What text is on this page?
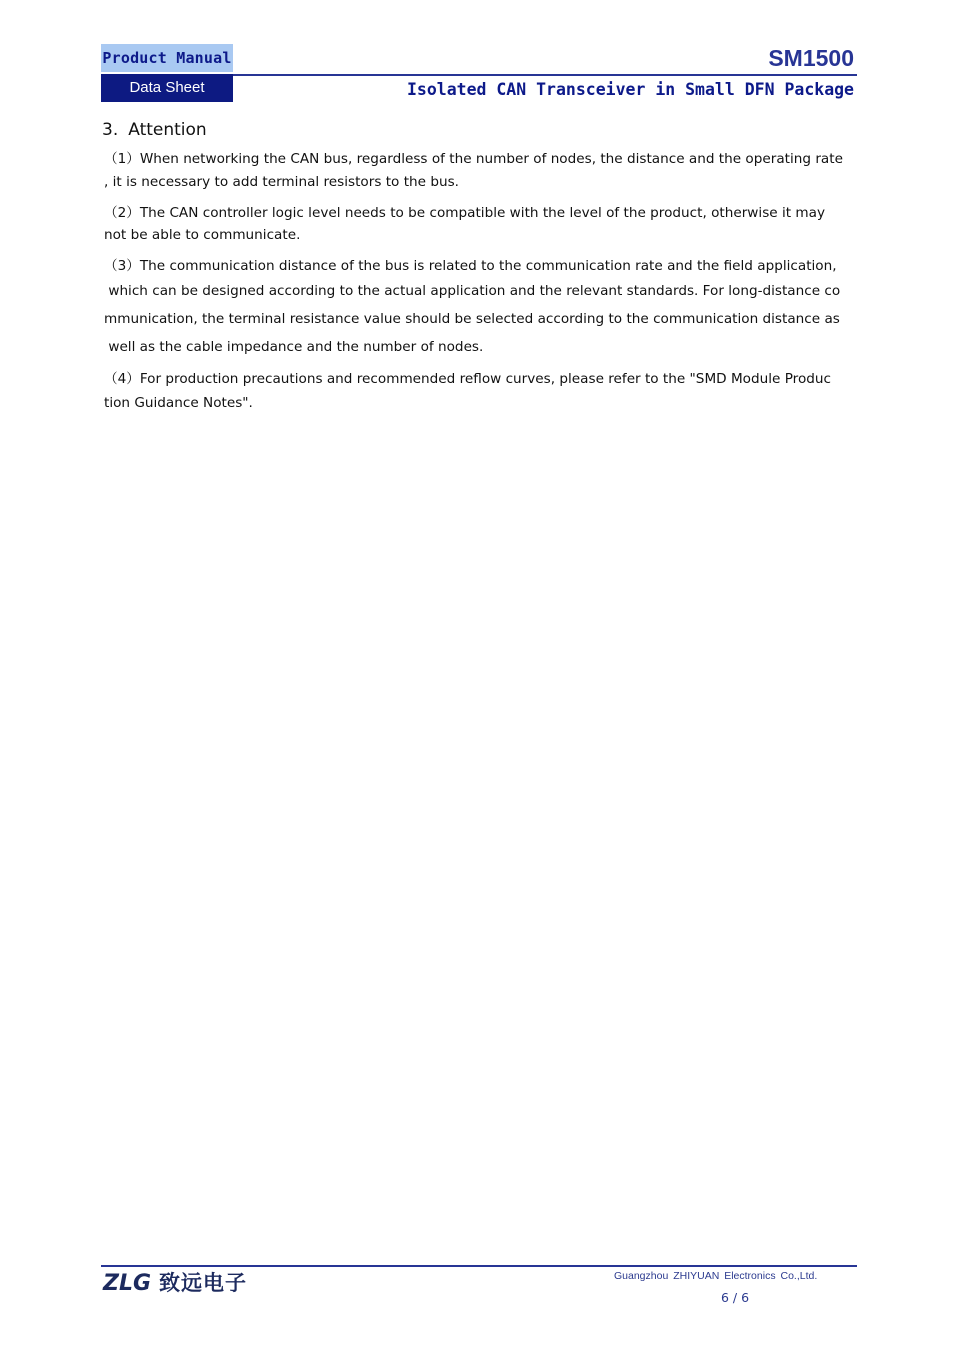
Product Manual
Data Sheet
SM1500
Isolated CAN Transceiver in Small DFN Package
3. Attention
（1）When networking the CAN bus, regardless of the number of nodes, the distance and the operating rate
, it is necessary to add terminal resistors to the bus.
（2）The CAN controller logic level needs to be compatible with the level of the product, otherwise it may
not be able to communicate.
（3）The communication distance of the bus is related to the communication rate and the field application,
which can be designed according to the actual application and the relevant standards. For long-distance co
mmunication, the terminal resistance value should be selected according to the communication distance as
well as the cable impedance and the number of nodes.
（4）For production precautions and recommended reflow curves, please refer to the "SMD Module Produc
tion Guidance Notes".
ZLG 致远电子	Guangzhou ZHIYUAN Electronics Co.,Ltd.
6 / 6
